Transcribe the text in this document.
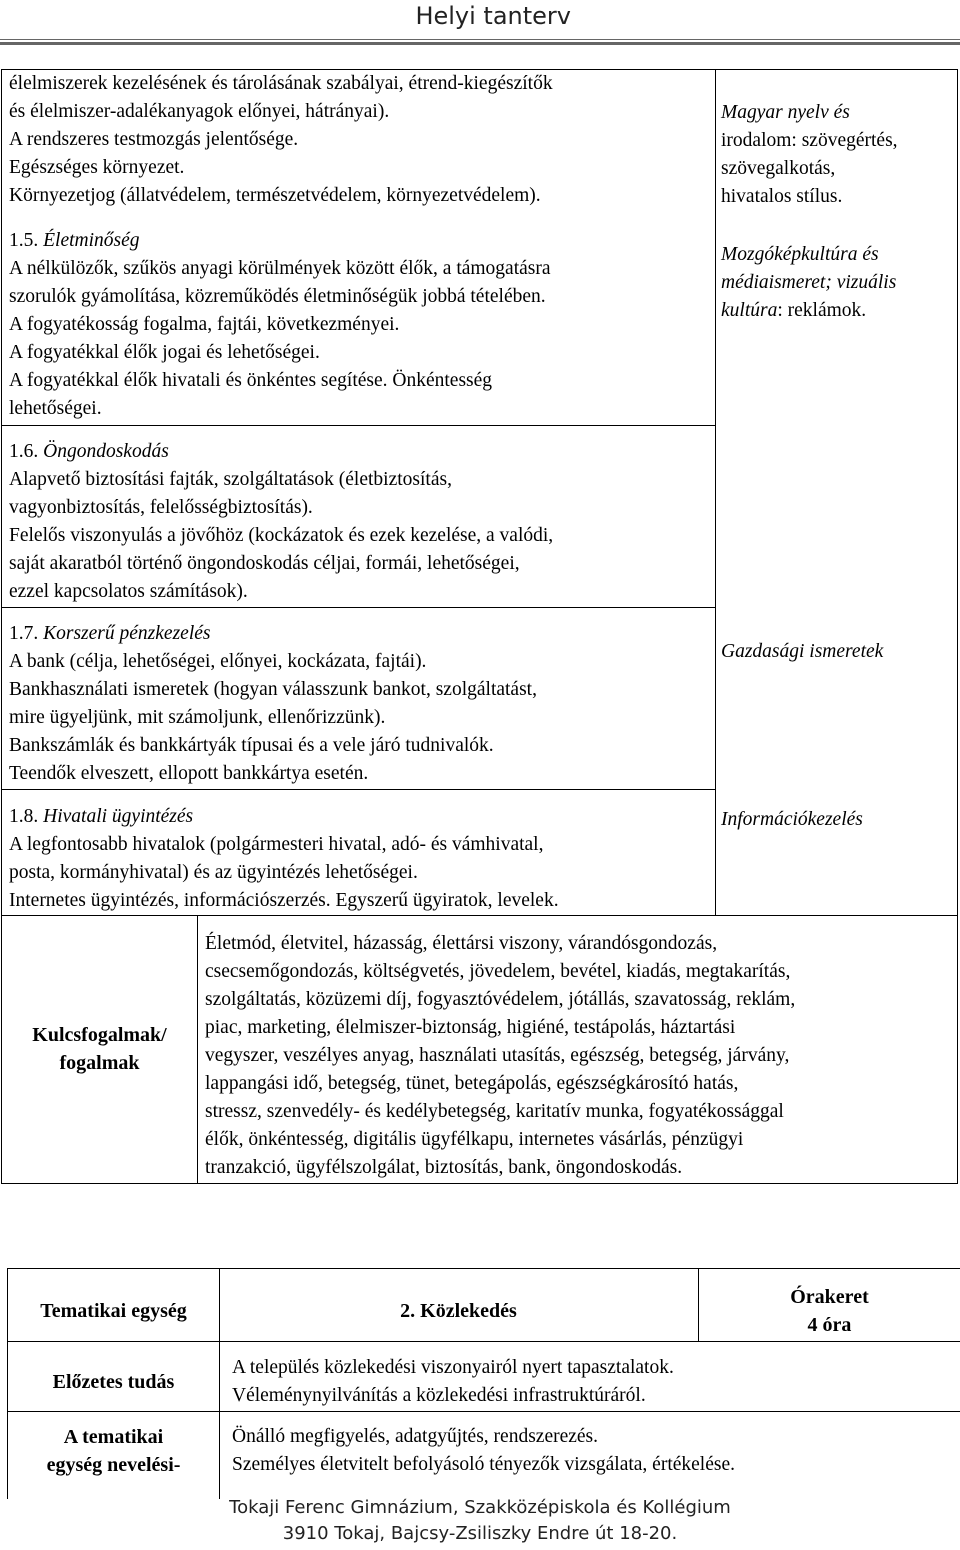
Helyi tanterv

élelmiszerek kezelésének és tárolásának szabályai, étrend-kiegészítők

és élelmiszer-adalékanyagok előnyei, hátrányai).

A rendszeres testmozgás jelentősége.

Egészséges környezet.

Környezetjog (állatvédelem, természetvédelem, környezetvédelem).

1.5. Életminőség

A nélkülözők, szűkös anyagi körülmények között élők, a támogatásra

szorulók gyámolítása, közreműködés életminőségük jobbá tételében.

A fogyatékosság fogalma, fajtái, következményei.

A fogyatékkal élők jogai és lehetőségei.

A fogyatékkal élők hivatali és önkéntes segítése. Önkéntesség

lehetőségei.

1.6. Öngondoskodás

Alapvető biztosítási fajták, szolgáltatások (életbiztosítás,

vagyonbiztosítás, felelősségbiztosítás).

Felelős viszonyulás a jövőhöz (kockázatok és ezek kezelése, a valódi,

saját akaratból történő öngondoskodás céljai, formái, lehetőségei,

ezzel kapcsolatos számítások).

1.7. Korszerű pénzkezelés

A bank (célja, lehetőségei, előnyei, kockázata, fajtái).

Bankhasználati ismeretek (hogyan válasszunk bankot, szolgáltatást,

mire ügyeljünk, mit számoljunk, ellenőrizzünk).

Bankszámlák és bankkártyák típusai és a vele járó tudnivalók.

Teendők elveszett, ellopott bankkártya esetén.

1.8. Hivatali ügyintézés

A legfontosabb hivatalok (polgármesteri hivatal, adó- és vámhivatal,

posta, kormányhivatal) és az ügyintézés lehetőségei.

Internetes ügyintézés, információszerzés. Egyszerű ügyiratok, levelek.

Magyar nyelv és

irodalom: szövegértés,

szövegalkotás,

hivatalos stílus.

Mozgóképkultúra és

médiaismeret; vizuális

kultúra: reklámok.

Gazdasági ismeretek
Információkezelés
Kulcsfogalmak/
fogalmak

Életmód, életvitel, házasság, élettársi viszony, várandósgondozás,

csecsemőgondozás, költségvetés, jövedelem, bevétel, kiadás, megtakarítás,

szolgáltatás, közüzemi díj, fogyasztóvédelem, jótállás, szavatosság, reklám,

piac, marketing, élelmiszer-biztonság, higiéné, testápolás, háztartási

vegyszer, veszélyes anyag, használati utasítás, egészség, betegség, járvány,

lappangási idő, betegség, tünet, betegápolás, egészségkárosító hatás,

stressz, szenvedély- és kedélybetegség, karitatív munka, fogyatékossággal

élők, önkéntesség, digitális ügyfélkapu, internetes vásárlás, pénzügyi

tranzakció, ügyfélszolgálat, biztosítás, bank, öngondoskodás.

Tematikai egység	2. Közlekedés
Órakeret
4 óra
Előzetes tudás

A település közlekedési viszonyairól nyert tapasztalatok.

Véleménynyilvánítás a közlekedési infrastruktúráról.

A tematikai
egység nevelési-

Önálló megfigyelés, adatgyűjtés, rendszerezés.

Személyes életvitelt befolyásoló tényezők vizsgálata, értékelése.

Tokaji Ferenc Gimnázium, Szakközépiskola és Kollégium
3910 Tokaj, Bajcsy-Zsiliszky Endre út 18-20.
